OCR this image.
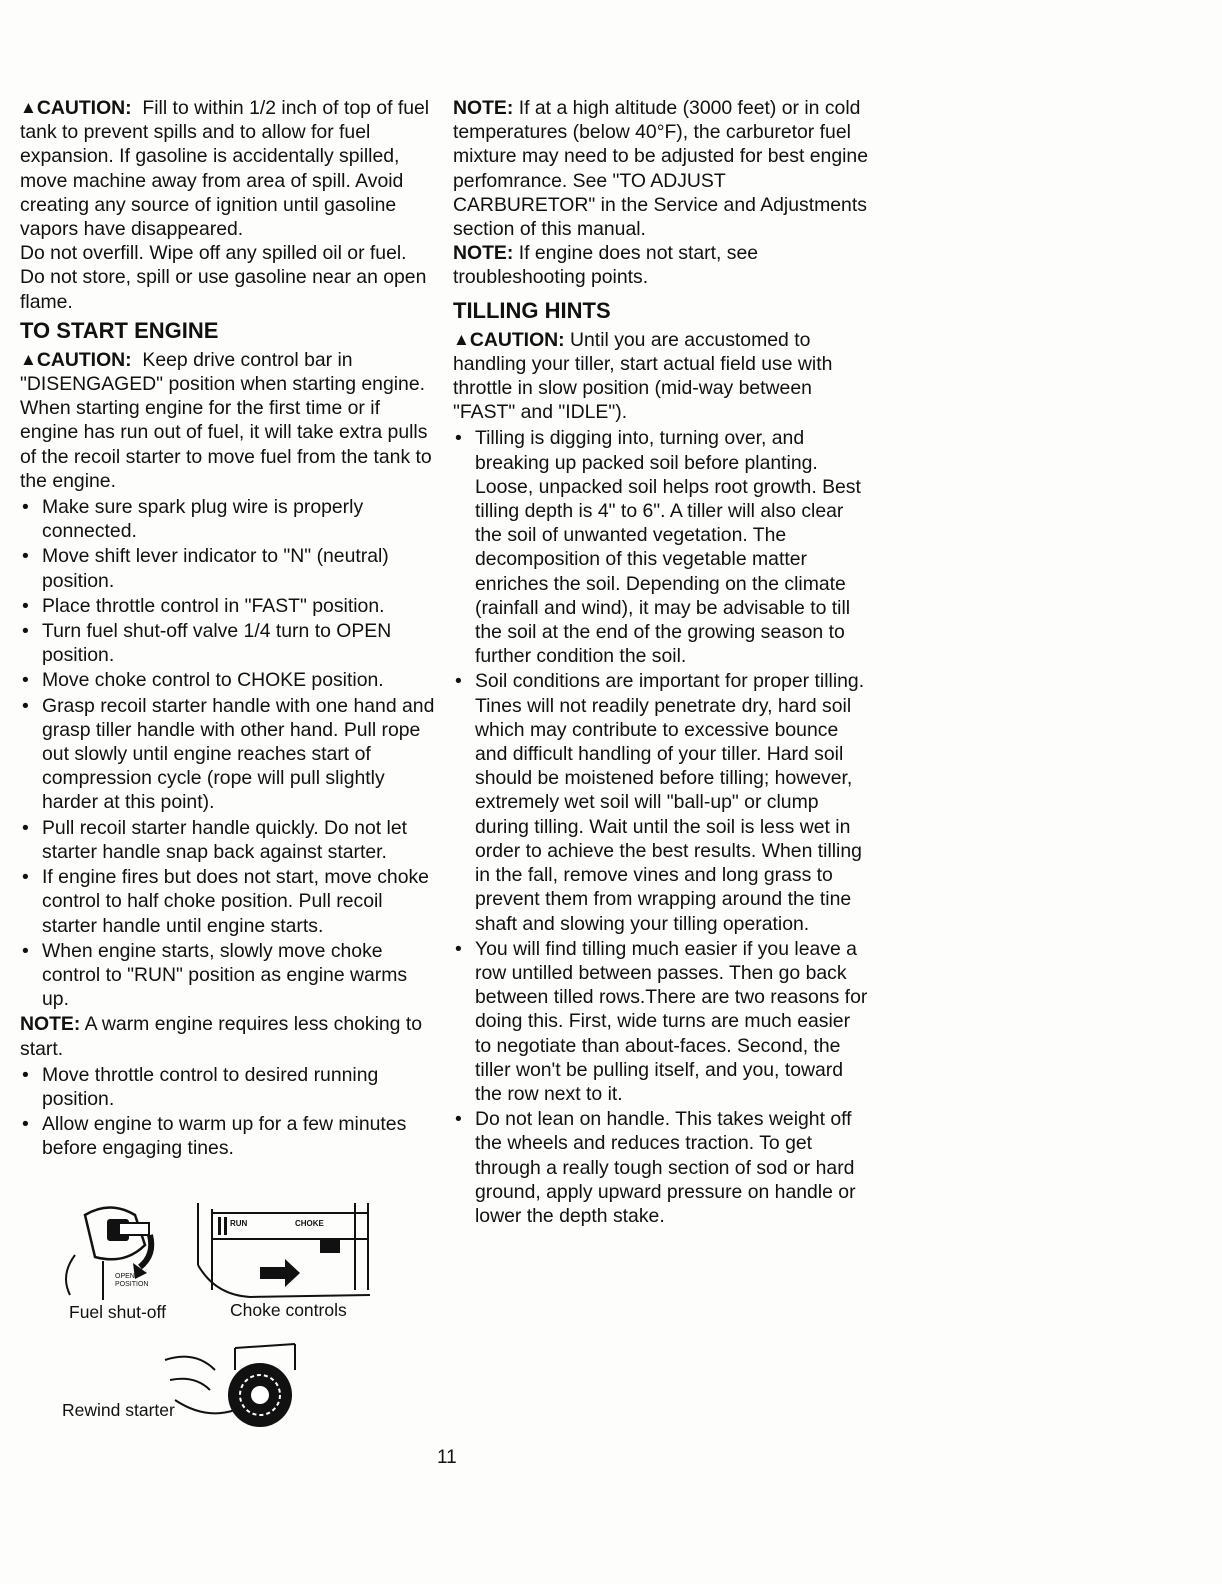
▲CAUTION: Fill to within 1/2 inch of top of fuel tank to prevent spills and to allow for fuel expansion. If gasoline is accidentally spilled, move machine away from area of spill. Avoid creating any source of ignition until gasoline vapors have disappeared.

Do not overfill. Wipe off any spilled oil or fuel. Do not store, spill or use gasoline near an open flame.

TO START ENGINE

▲CAUTION: Keep drive control bar in "DISENGAGED" position when starting engine.

When starting engine for the first time or if engine has run out of fuel, it will take extra pulls of the recoil starter to move fuel from the tank to the engine.

• Make sure spark plug wire is properly connected.
• Move shift lever indicator to "N" (neutral) position.
• Place throttle control in "FAST" position.
• Turn fuel shut-off valve 1/4 turn to OPEN position.
• Move choke control to CHOKE position.
• Grasp recoil starter handle with one hand and grasp tiller handle with other hand. Pull rope out slowly until engine reaches start of compression cycle (rope will pull slightly harder at this point).
• Pull recoil starter handle quickly. Do not let starter handle snap back against starter.
• If engine fires but does not start, move choke control to half choke position. Pull recoil starter handle until engine starts.
• When engine starts, slowly move choke control to "RUN" position as engine warms up.

NOTE: A warm engine requires less choking to start.

• Move throttle control to desired running position.
• Allow engine to warm up for a few minutes before engaging tines.
OPEN POSITION
RUN	CHOKE
Fuel shut-off	Choke controls
Rewind starter

NOTE: If at a high altitude (3000 feet) or in cold temperatures (below 40°F), the carburetor fuel mixture may need to be adjusted for best engine perfomrance. See "TO ADJUST CARBURETOR" in the Service and Adjustments section of this manual.

NOTE: If engine does not start, see troubleshooting points.

TILLING HINTS

▲CAUTION: Until you are accustomed to handling your tiller, start actual field use with throttle in slow position (mid-way between "FAST" and "IDLE").

• Tilling is digging into, turning over, and breaking up packed soil before planting. Loose, unpacked soil helps root growth. Best tilling depth is 4" to 6". A tiller will also clear the soil of unwanted vegetation. The decomposition of this vegetable matter enriches the soil. Depending on the climate (rainfall and wind), it may be advisable to till the soil at the end of the growing season to further condition the soil.
• Soil conditions are important for proper tilling. Tines will not readily penetrate dry, hard soil which may contribute to excessive bounce and difficult handling of your tiller. Hard soil should be moistened before tilling; however, extremely wet soil will "ball-up" or clump during tilling. Wait until the soil is less wet in order to achieve the best results. When tilling in the fall, remove vines and long grass to prevent them from wrapping around the tine shaft and slowing your tilling operation.
• You will find tilling much easier if you leave a row untilled between passes. Then go back between tilled rows.There are two reasons for doing this. First, wide turns are much easier to negotiate than about-faces. Second, the tiller won't be pulling itself, and you, toward the row next to it.
• Do not lean on handle. This takes weight off the wheels and reduces traction. To get through a really tough section of sod or hard ground, apply upward pressure on handle or lower the depth stake.
11
